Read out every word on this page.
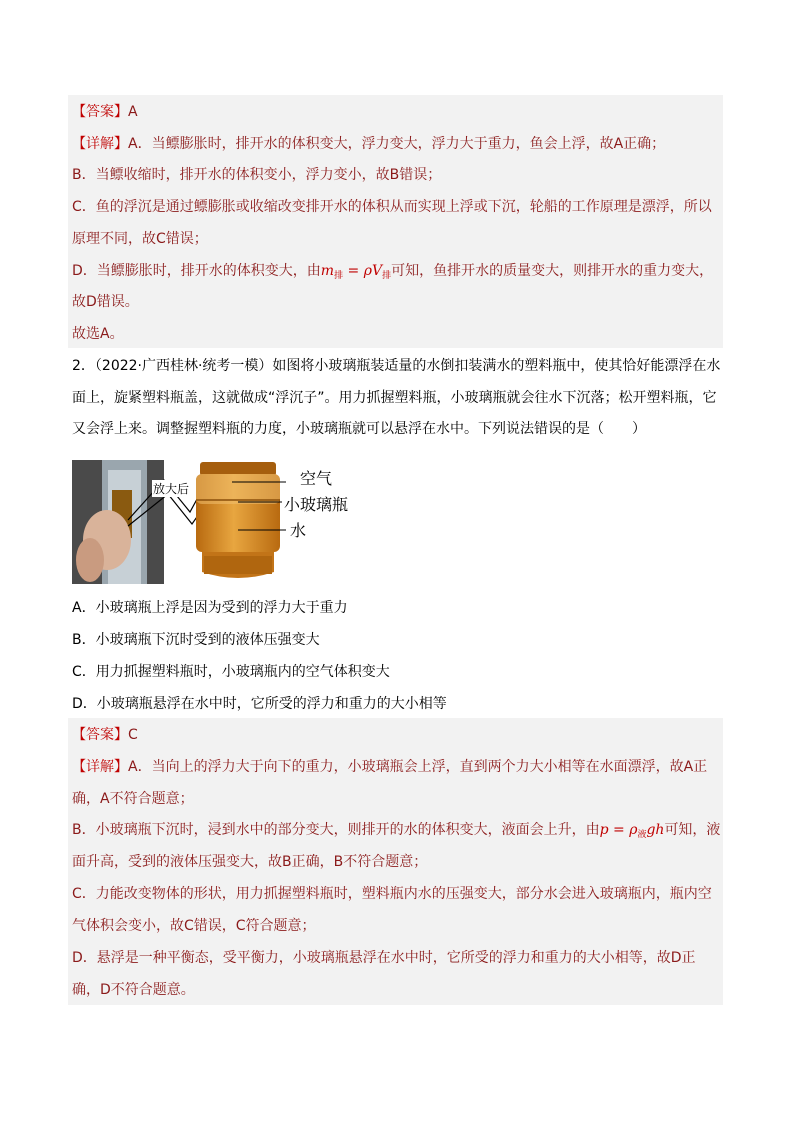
【答案】A
【详解】A．当鳔膨胀时，排开水的体积变大，浮力变大，浮力大于重力，鱼会上浮，故A正确；
B．当鳔收缩时，排开水的体积变小，浮力变小，故B错误；
C．鱼的浮沉是通过鳔膨胀或收缩改变排开水的体积从而实现上浮或下沉，轮船的工作原理是漂浮，所以
原理不同，故C错误；
D．当鳔膨胀时，排开水的体积变大，由$m_排 = \rho V_排$可知，鱼排开水的质量变大，则排开水的重力变大，
故D错误。
故选A。
2．（2022·广西桂林·统考一模）如图将小玻璃瓶装适量的水倒扣装满水的塑料瓶中，使其恰好能漂浮在水
面上，旋紧塑料瓶盖，这就做成“浮沉子”。用力抓握塑料瓶，小玻璃瓶就会往水下沉落；松开塑料瓶，它
又会浮上来。调整握塑料瓶的力度，小玻璃瓶就可以悬浮在水中。下列说法错误的是（　　）
放大后
空气
小玻璃瓶
水
A．小玻璃瓶上浮是因为受到的浮力大于重力
B．小玻璃瓶下沉时受到的液体压强变大
C．用力抓握塑料瓶时，小玻璃瓶内的空气体积变大
D．小玻璃瓶悬浮在水中时，它所受的浮力和重力的大小相等
【答案】C
【详解】A．当向上的浮力大于向下的重力，小玻璃瓶会上浮，直到两个力大小相等在水面漂浮，故A正
确，A不符合题意；
B．小玻璃瓶下沉时，浸到水中的部分变大，则排开的水的体积变大，液面会上升，由$p = \rho_液gh$可知，液
面升高，受到的液体压强变大，故B正确，B不符合题意；
C．力能改变物体的形状，用力抓握塑料瓶时，塑料瓶内水的压强变大，部分水会进入玻璃瓶内，瓶内空
气体积会变小，故C错误，C符合题意；
D．悬浮是一种平衡态，受平衡力，小玻璃瓶悬浮在水中时，它所受的浮力和重力的大小相等，故D正
确，D不符合题意。
